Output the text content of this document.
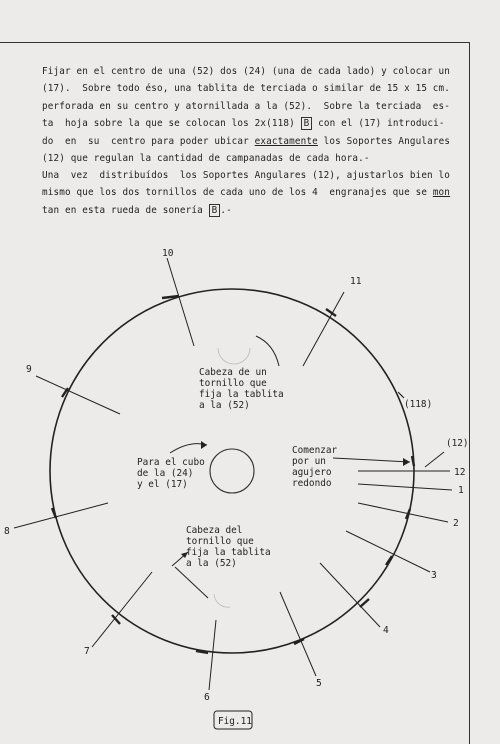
Fijar en el centro de una (52) dos (24) (una de cada lado) y colocar un
(17).  Sobre todo éso, una tablita de terciada o similar de 15 x 15 cm.
perforada en su centro y atornillada a la (52).  Sobre la terciada  es-
ta  hoja sobre la que se colocan los 2x(118) B con el (17) introduci-
do  en  su  centro para poder ubicar exactamente los Soportes Angulares
(12) que regulan la cantidad de campanadas de cada hora.-

Una  vez  distribuídos  los Soportes Angulares (12), ajustarlos bien lo
mismo que los dos tornillos de cada uno de los 4  engranajes que se mon
tan en esta rueda de sonería B .-

Cabeza de un
tornillo que
fija la tablita
a la (52)
Para el cubo
de la (24)
y el (17)
Comenzar
por un
agujero
redondo
Cabeza del
tornillo que
fija la tablita
a la (52)
(118)
(12)
10
11
9
12
1
2
3
4
5
6
7
8
Fig.11
